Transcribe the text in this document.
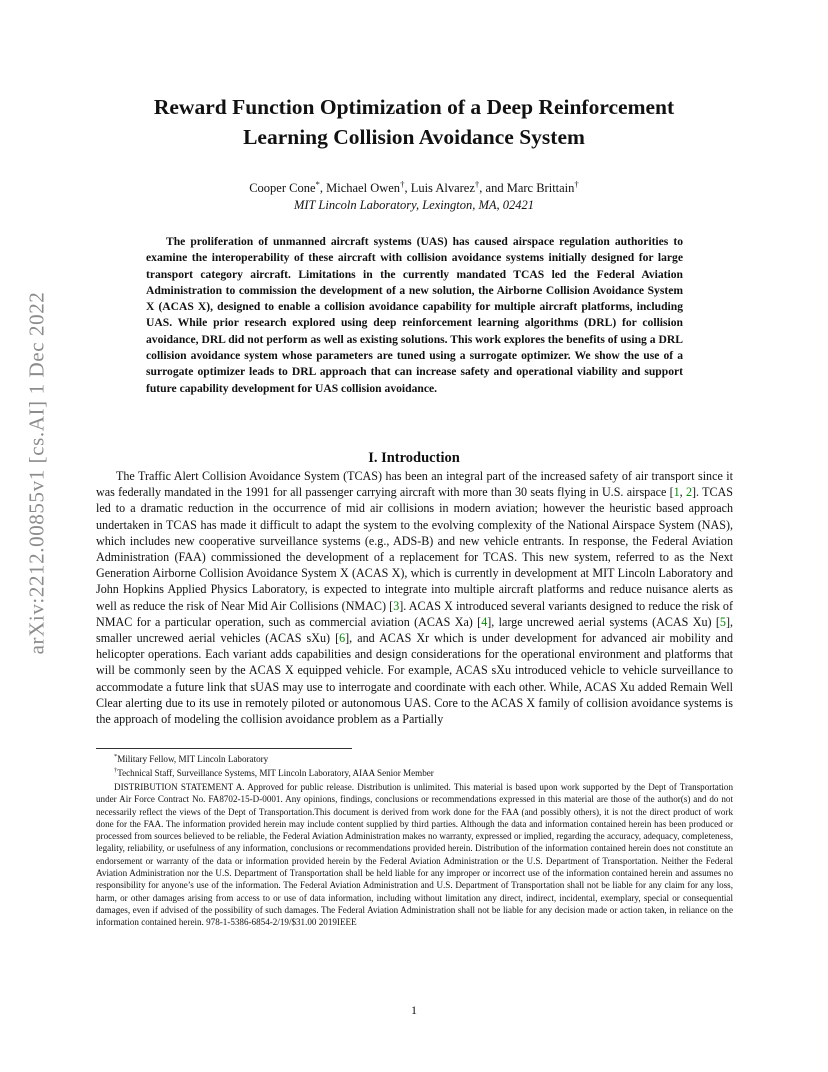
arXiv:2212.00855v1 [cs.AI] 1 Dec 2022
Reward Function Optimization of a Deep Reinforcement
Learning Collision Avoidance System
Cooper Cone*, Michael Owen†, Luis Alvarez†, and Marc Brittain†
MIT Lincoln Laboratory, Lexington, MA, 02421
The proliferation of unmanned aircraft systems (UAS) has caused airspace regulation authorities to examine the interoperability of these aircraft with collision avoidance systems initially designed for large transport category aircraft. Limitations in the currently mandated TCAS led the Federal Aviation Administration to commission the development of a new solution, the Airborne Collision Avoidance System X (ACAS X), designed to enable a collision avoidance capability for multiple aircraft platforms, including UAS. While prior research explored using deep reinforcement learning algorithms (DRL) for collision avoidance, DRL did not perform as well as existing solutions. This work explores the benefits of using a DRL collision avoidance system whose parameters are tuned using a surrogate optimizer. We show the use of a surrogate optimizer leads to DRL approach that can increase safety and operational viability and support future capability development for UAS collision avoidance.
I. Introduction
The Traffic Alert Collision Avoidance System (TCAS) has been an integral part of the increased safety of air transport since it was federally mandated in the 1991 for all passenger carrying aircraft with more than 30 seats flying in U.S. airspace [1, 2]. TCAS led to a dramatic reduction in the occurrence of mid air collisions in modern aviation; however the heuristic based approach undertaken in TCAS has made it difficult to adapt the system to the evolving complexity of the National Airspace System (NAS), which includes new cooperative surveillance systems (e.g., ADS-B) and new vehicle entrants. In response, the Federal Aviation Administration (FAA) commissioned the development of a replacement for TCAS. This new system, referred to as the Next Generation Airborne Collision Avoidance System X (ACAS X), which is currently in development at MIT Lincoln Laboratory and John Hopkins Applied Physics Laboratory, is expected to integrate into multiple aircraft platforms and reduce nuisance alerts as well as reduce the risk of Near Mid Air Collisions (NMAC) [3]. ACAS X introduced several variants designed to reduce the risk of NMAC for a particular operation, such as commercial aviation (ACAS Xa) [4], large uncrewed aerial systems (ACAS Xu) [5], smaller uncrewed aerial vehicles (ACAS sXu) [6], and ACAS Xr which is under development for advanced air mobility and helicopter operations. Each variant adds capabilities and design considerations for the operational environment and platforms that will be commonly seen by the ACAS X equipped vehicle. For example, ACAS sXu introduced vehicle to vehicle surveillance to accommodate a future link that sUAS may use to interrogate and coordinate with each other. While, ACAS Xu added Remain Well Clear alerting due to its use in remotely piloted or autonomous UAS. Core to the ACAS X family of collision avoidance systems is the approach of modeling the collision avoidance problem as a Partially
*Military Fellow, MIT Lincoln Laboratory
†Technical Staff, Surveillance Systems, MIT Lincoln Laboratory, AIAA Senior Member
DISTRIBUTION STATEMENT A. Approved for public release. Distribution is unlimited. This material is based upon work supported by the Dept of Transportation under Air Force Contract No. FA8702-15-D-0001. Any opinions, findings, conclusions or recommendations expressed in this material are those of the author(s) and do not necessarily reflect the views of the Dept of Transportation.This document is derived from work done for the FAA (and possibly others), it is not the direct product of work done for the FAA. The information provided herein may include content supplied by third parties. Although the data and information contained herein has been produced or processed from sources believed to be reliable, the Federal Aviation Administration makes no warranty, expressed or implied, regarding the accuracy, adequacy, completeness, legality, reliability, or usefulness of any information, conclusions or recommendations provided herein. Distribution of the information contained herein does not constitute an endorsement or warranty of the data or information provided herein by the Federal Aviation Administration or the U.S. Department of Transportation. Neither the Federal Aviation Administration nor the U.S. Department of Transportation shall be held liable for any improper or incorrect use of the information contained herein and assumes no responsibility for anyone’s use of the information. The Federal Aviation Administration and U.S. Department of Transportation shall not be liable for any claim for any loss, harm, or other damages arising from access to or use of data information, including without limitation any direct, indirect, incidental, exemplary, special or consequential damages, even if advised of the possibility of such damages. The Federal Aviation Administration shall not be liable for any decision made or action taken, in reliance on the information contained herein. 978-1-5386-6854-2/19/$31.00 2019IEEE
1
